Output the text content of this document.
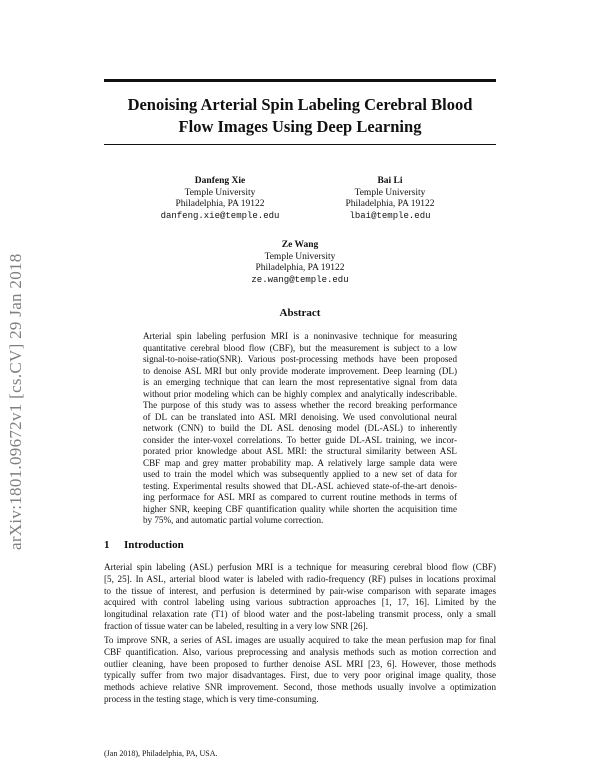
arXiv:1801.09672v1 [cs.CV] 29 Jan 2018
Denoising Arterial Spin Labeling Cerebral Blood
Flow Images Using Deep Learning
Danfeng Xie
Temple University
Philadelphia, PA 19122
danfeng.xie@temple.edu
Bai Li
Temple University
Philadelphia, PA 19122
lbai@temple.edu
Ze Wang
Temple University
Philadelphia, PA 19122
ze.wang@temple.edu
Abstract
Arterial spin labeling perfusion MRI is a noninvasive technique for measuring
quantitative cerebral blood flow (CBF), but the measurement is subject to a low
signal-to-noise-ratio(SNR). Various post-processing methods have been proposed
to denoise ASL MRI but only provide moderate improvement. Deep learning (DL)
is an emerging technique that can learn the most representative signal from data
without prior modeling which can be highly complex and analytically indescribable.
The purpose of this study was to assess whether the record breaking performance
of DL can be translated into ASL MRI denoising. We used convolutional neural
network (CNN) to build the DL ASL denosing model (DL-ASL) to inherently
consider the inter-voxel correlations. To better guide DL-ASL training, we incor-
porated prior knowledge about ASL MRI: the structural similarity between ASL
CBF map and grey matter probability map. A relatively large sample data were
used to train the model which was subsequently applied to a new set of data for
testing. Experimental results showed that DL-ASL achieved state-of-the-art denois-
ing performace for ASL MRI as compared to current routine methods in terms of
higher SNR, keeping CBF quantification quality while shorten the acquisition time
by 75%, and automatic partial volume correction.
1 Introduction
Arterial spin labeling (ASL) perfusion MRI is a technique for measuring cerebral blood flow (CBF)
[5, 25]. In ASL, arterial blood water is labeled with radio-frequency (RF) pulses in locations proximal
to the tissue of interest, and perfusion is determined by pair-wise comparison with separate images
acquired with control labeling using various subtraction approaches [1, 17, 16]. Limited by the
longitudinal relaxation rate (T1) of blood water and the post-labeling transmit process, only a small
fraction of tissue water can be labeled, resulting in a very low SNR [26].
To improve SNR, a series of ASL images are usually acquired to take the mean perfusion map for final
CBF quantification. Also, various preprocessing and analysis methods such as motion correction and
outlier cleaning, have been proposed to further denoise ASL MRI [23, 6]. However, those methods
typically suffer from two major disadvantages. First, due to very poor original image quality, those
methods achieve relative SNR improvement. Second, those methods usually involve a optimization
process in the testing stage, which is very time-consuming.
(Jan 2018), Philadelphia, PA, USA.
